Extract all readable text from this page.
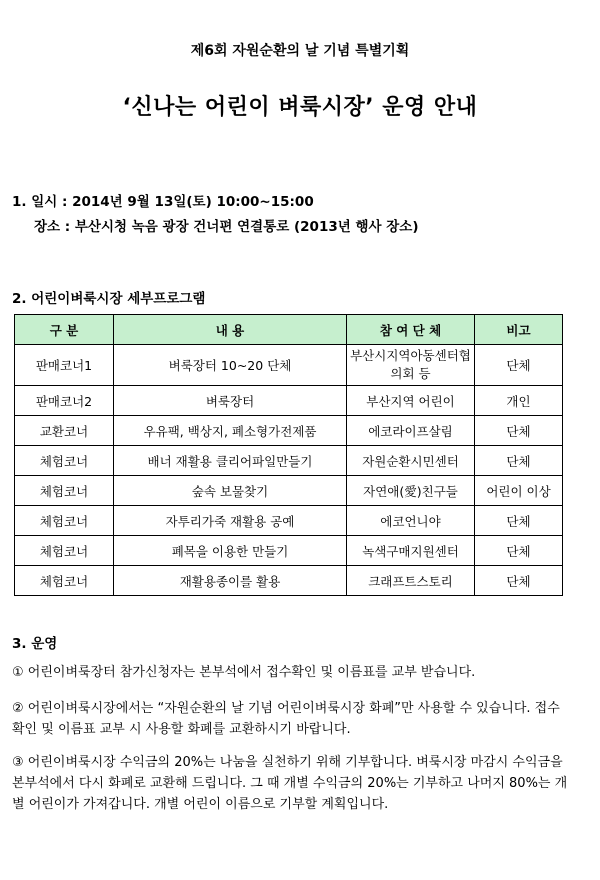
제6회 자원순환의 날 기념 특별기획
‘신나는 어린이 벼룩시장’ 운영 안내
1. 일시 : 2014년 9월 13일(토) 10:00~15:00
장소 : 부산시청 녹음 광장 건너편 연결통로 (2013년 행사 장소)
2. 어린이벼룩시장 세부프로그램
구 분	내 용	참 여 단 체	비고
판매코너1	벼룩장터 10~20 단체	부산시지역아동센터협의회 등	단체
판매코너2	벼룩장터	부산지역 어린이	개인
교환코너	우유팩, 백상지, 폐소형가전제품	에코라이프살림	단체
체험코너	배너 재활용 클리어파일만들기	자원순환시민센터	단체
체험코너	숲속 보물찾기	자연애(愛)친구들	어린이 이상
체험코너	자투리가죽 재활용 공예	에코언니야	단체
체험코너	폐목을 이용한 만들기	녹색구매지원센터	단체
체험코너	재활용종이를 활용	크래프트스토리	단체
3. 운영
① 어린이벼룩장터 참가신청자는 본부석에서 접수확인 및 이름표를 교부 받습니다.
② 어린이벼룩시장에서는 “자원순환의 날 기념 어린이벼룩시장 화폐”만 사용할 수 있습니다. 접수확인 및 이름표 교부 시 사용할 화폐를 교환하시기 바랍니다.
③ 어린이벼룩시장 수익금의 20%는 나눔을 실천하기 위해 기부합니다. 벼룩시장 마감시 수익금을 본부석에서 다시 화폐로 교환해 드립니다. 그 때 개별 수익금의 20%는 기부하고 나머지 80%는 개별 어린이가 가져갑니다. 개별 어린이 이름으로 기부할 계획입니다.
